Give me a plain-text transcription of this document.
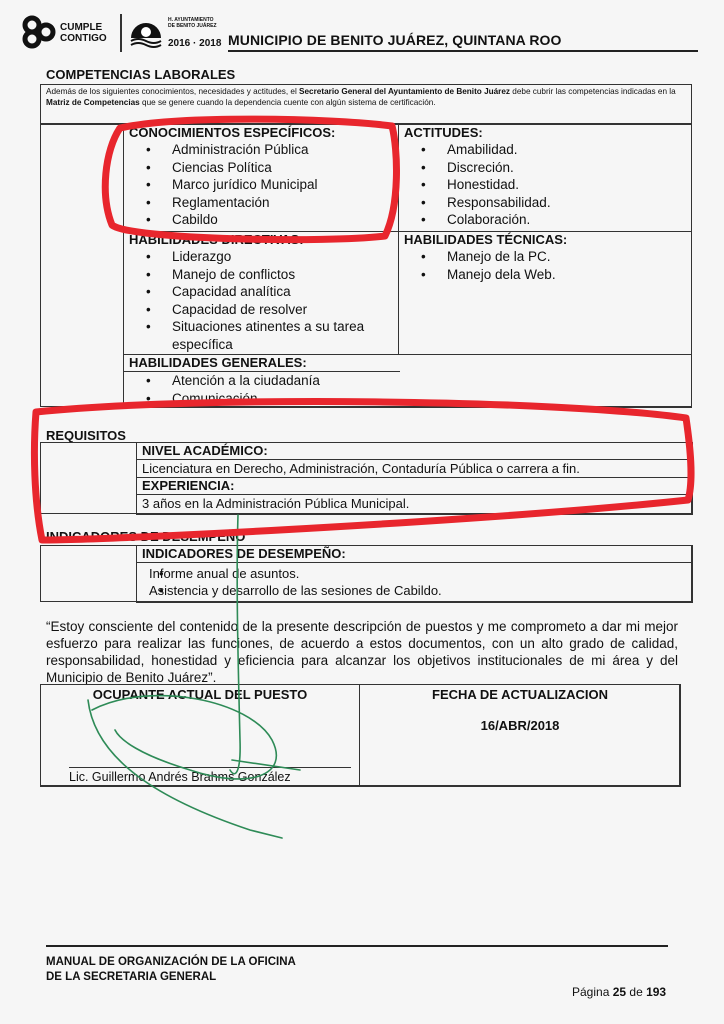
CUMPLE
CONTIGO
H. AYUNTAMIENTO
DE BENITO JUÁREZ
2016 · 2018 MUNICIPIO DE BENITO JUÁREZ, QUINTANA ROO
COMPETENCIAS LABORALES
Además de los siguientes conocimientos, necesidades y actitudes, el Secretario General del Ayuntamiento de Benito Juárez debe cubrir las competencias indicadas en la Matriz de Competencias que se genere cuando la dependencia cuente con algún sistema de certificación.
CONOCIMIENTOS ESPECÍFICOS:
• Administración Pública
• Ciencias Política
• Marco jurídico Municipal
• Reglamentación
• Cabildo
ACTITUDES:
• Amabilidad.
• Discreción.
• Honestidad.
• Responsabilidad.
• Colaboración.
HABILIDADES DIRECTIVAS:
• Liderazgo
• Manejo de conflictos
• Capacidad analítica
• Capacidad de resolver
• Situaciones atinentes a su tarea específica
HABILIDADES TÉCNICAS:
• Manejo de la PC.
• Manejo dela Web.
HABILIDADES GENERALES:
• Atención a la ciudadanía
• Comunicación
REQUISITOS
NIVEL ACADÉMICO:
Licenciatura en Derecho, Administración, Contaduría Pública o carrera a fin.
EXPERIENCIA:
3 años en la Administración Pública Municipal.
INDICADORES DE DESEMPEÑO
INDICADORES DE DESEMPEÑO:
• Informe anual de asuntos.
• Asistencia y desarrollo de las sesiones de Cabildo.
“Estoy consciente del contenido de la presente descripción de puestos y me comprometo a dar mi mejor esfuerzo para realizar las funciones, de acuerdo a estos documentos, con un alto grado de calidad, responsabilidad, honestidad y eficiencia para alcanzar los objetivos institucionales de mi área y del Municipio de Benito Juárez”.
OCUPANTE ACTUAL DEL PUESTO
Lic. Guillermo Andrés Brahms González
FECHA DE ACTUALIZACION
16/ABR/2018
MANUAL DE ORGANIZACIÓN DE LA OFICINA
DE LA SECRETARIA GENERAL
Página 25 de 193
